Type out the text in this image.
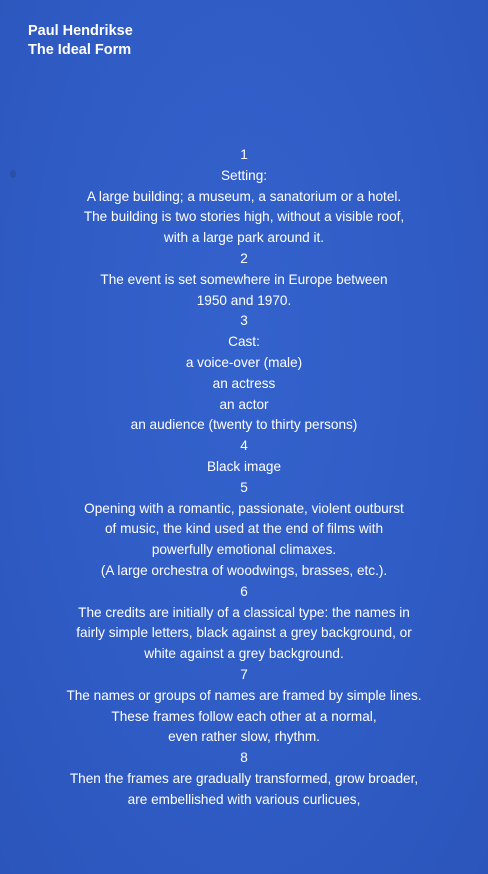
Paul Hendrikse
The Ideal Form
1
Setting:
A large building; a museum, a sanatorium or a hotel.
The building is two stories high, without a visible roof,
with a large park around it.
2
The event is set somewhere in Europe between
1950 and 1970.
3
Cast:
a voice-over (male)
an actress
an actor
an audience (twenty to thirty persons)
4
Black image
5
Opening with a romantic, passionate, violent outburst
of music, the kind used at the end of films with
powerfully emotional climaxes.
(A large orchestra of woodwings, brasses, etc.).
6
The credits are initially of a classical type: the names in
fairly simple letters, black against a grey background, or
white against a grey background.
7
The names or groups of names are framed by simple lines.
These frames follow each other at a normal,
even rather slow, rhythm.
8
Then the frames are gradually transformed, grow broader,
are embellished with various curlicues,
